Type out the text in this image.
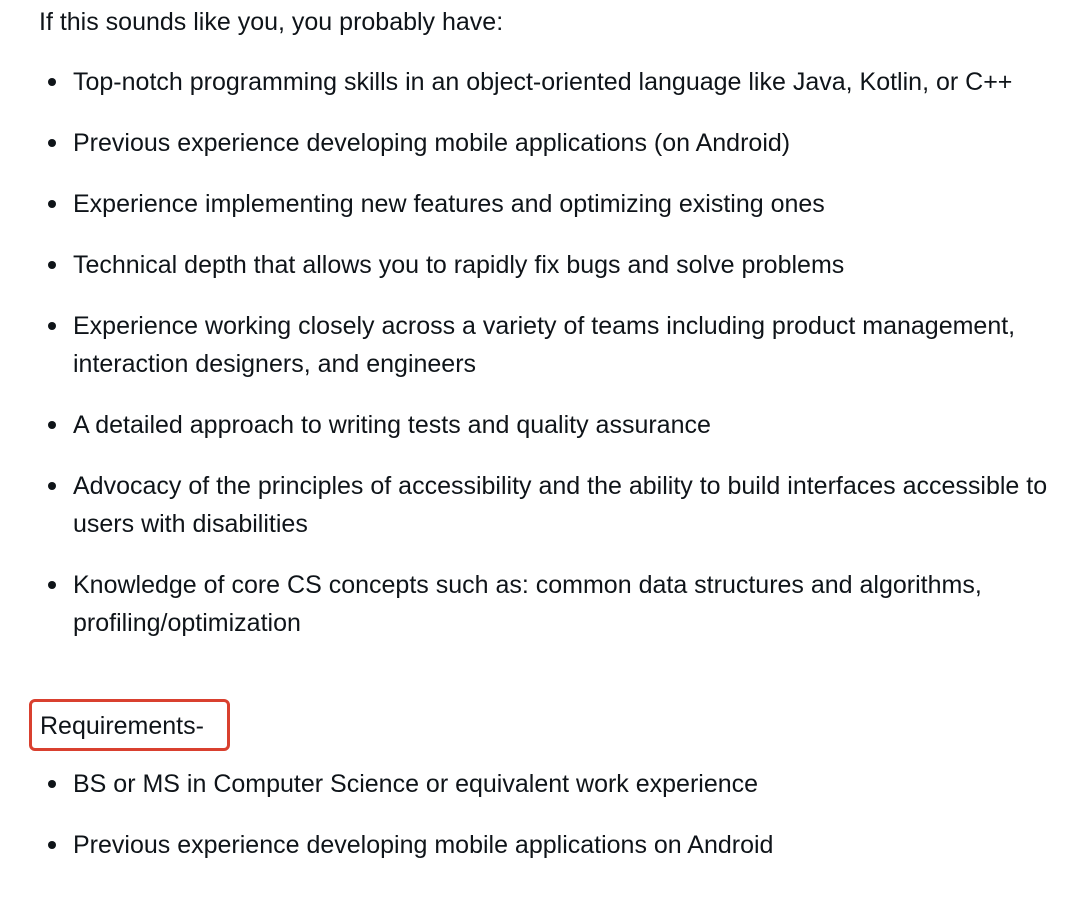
If this sounds like you, you probably have:
Top-notch programming skills in an object-oriented language like Java, Kotlin, or C++
Previous experience developing mobile applications (on Android)
Experience implementing new features and optimizing existing ones
Technical depth that allows you to rapidly fix bugs and solve problems
Experience working closely across a variety of teams including product management, interaction designers, and engineers
A detailed approach to writing tests and quality assurance
Advocacy of the principles of accessibility and the ability to build interfaces accessible to users with disabilities
Knowledge of core CS concepts such as: common data structures and algorithms, profiling/optimization
Requirements-
BS or MS in Computer Science or equivalent work experience
Previous experience developing mobile applications on Android
